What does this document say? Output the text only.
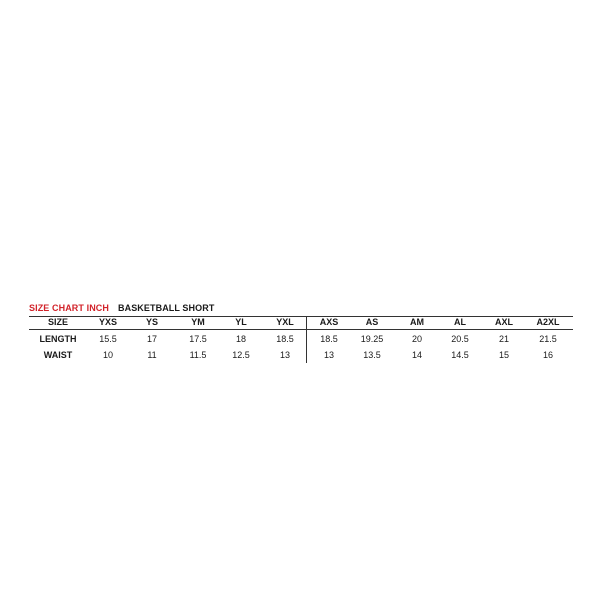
SIZE CHART INCH BASKETBALL SHORT
SIZE	YXS	YS	YM	YL	YXL	AXS	AS	AM	AL	AXL	A2XL
LENGTH	15.5	17	17.5	18	18.5	18.5	19.25	20	20.5	21	21.5
WAIST	10	11	11.5	12.5	13	13	13.5	14	14.5	15	16
